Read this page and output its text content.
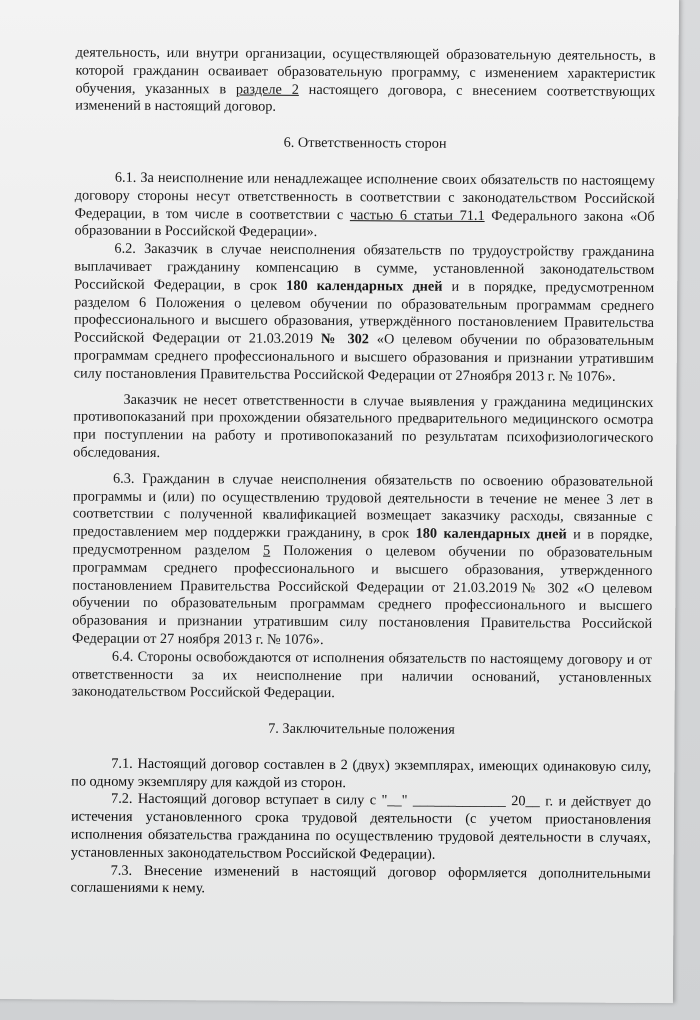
деятельность, или внутри организации, осуществляющей образовательную деятельность, в которой гражданин осваивает образовательную программу, с изменением характеристик обучения, указанных в разделе 2 настоящего договора, с внесением соответствующих изменений в настоящий договор.

6. Ответственность сторон

6.1. За неисполнение или ненадлежащее исполнение своих обязательств по настоящему договору стороны несут ответственность в соответствии с законодательством Российской Федерации, в том числе в соответствии с частью 6 статьи 71.1 Федерального закона «Об образовании в Российской Федерации».

6.2. Заказчик в случае неисполнения обязательств по трудоустройству гражданина выплачивает гражданину компенсацию в сумме, установленной законодательством Российской Федерации, в срок 180 календарных дней и в порядке, предусмотренном разделом 6 Положения о целевом обучении по образовательным программам среднего профессионального и высшего образования, утверждённого постановлением Правительства Российской Федерации от 21.03.2019 № 302 «О целевом обучении по образовательным программам среднего профессионального и высшего образования и признании утратившим силу постановления Правительства Российской Федерации от 27ноября 2013 г. № 1076».

Заказчик не несет ответственности в случае выявления у гражданина медицинских противопоказаний при прохождении обязательного предварительного медицинского осмотра при поступлении на работу и противопоказаний по результатам психофизиологического обследования.

6.3. Гражданин в случае неисполнения обязательств по освоению образовательной программы и (или) по осуществлению трудовой деятельности в течение не менее 3 лет в соответствии с полученной квалификацией возмещает заказчику расходы, связанные с предоставлением мер поддержки гражданину, в срок 180 календарных дней и в порядке, предусмотренном разделом 5 Положения о целевом обучении по образовательным программам среднего профессионального и высшего образования, утвержденного постановлением Правительства Российской Федерации от 21.03.2019№ 302 «О целевом обучении по образовательным программам среднего профессионального и высшего образования и признании утратившим силу постановления Правительства Российской Федерации от 27 ноября 2013 г. № 1076».

6.4. Стороны освобождаются от исполнения обязательств по настоящему договору и от ответственности за их неисполнение при наличии оснований, установленных законодательством Российской Федерации.

7. Заключительные положения

7.1. Настоящий договор составлен в 2 (двух) экземплярах, имеющих одинаковую силу, по одному экземпляру для каждой из сторон.

7.2. Настоящий договор вступает в силу с "__" _____________ 20__ г. и действует до истечения установленного срока трудовой деятельности (с учетом приостановления исполнения обязательства гражданина по осуществлению трудовой деятельности в случаях, установленных законодательством Российской Федерации).

7.3. Внесение изменений в настоящий договор оформляется дополнительными соглашениями к нему.
